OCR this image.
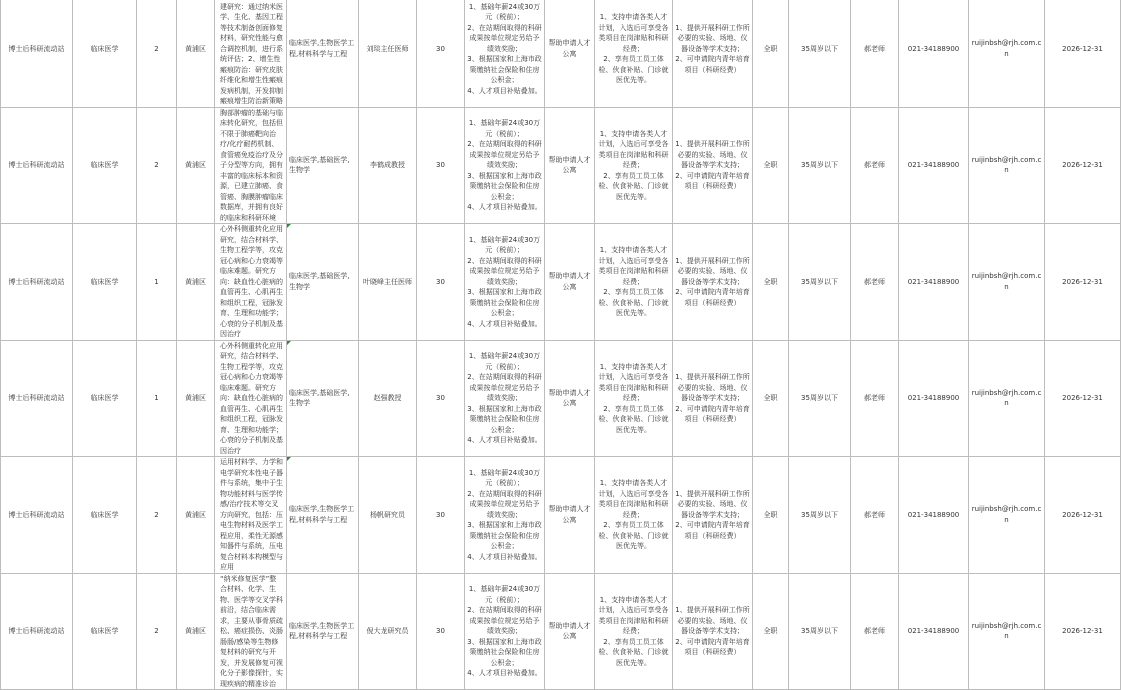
博士后科研流动站	临床医学	2	黄浦区	建研究：通过纳米医学、生化、基因工程等技术制备创面修复材料，研究性能与愈合调控机制，进行系统评估；2、增生性瘢痕防治：研究皮肤纤维化和增生性瘢痕发病机制，开发抑制瘢痕增生防治新策略	临床医学,生物医学工程,材料科学与工程	刘琰主任医师	30	1、基础年薪24或30万元（税前）；
2、在站期间取得的科研成果按单位规定另给予绩效奖励；
3、根据国家和上海市政策缴纳社会保险和住房公积金；
4、人才项目补贴叠加。	帮助申请人才公寓	1、支持申请各类人才计划，入选后可享受各类项目在岗津贴和科研经费；
2、享有员工员工体检、伙食补贴、门诊就医优先等。	1、提供开展科研工作所必要的实验、场地、仪器设备等学术支持；
2、可申请院内青年培育项目（科研经费）	全职	35周岁以下	郝老师	021-34188900	ruijinbsh@rjh.com.cn	2026-12-31
博士后科研流动站	临床医学	2	黄浦区	胸部肿瘤的基础与临床转化研究，包括但不限于肺癌靶向治疗/化疗耐药机制、食管癌免疫治疗及分子分型等方向，拥有丰富的临床标本和资源，已建立肺癌、食管癌、胸膜肿瘤临床数据库，并拥有良好的临床和科研环境	临床医学,基础医学,生物学	李鹤成教授	30	1、基础年薪24或30万元（税前）；
2、在站期间取得的科研成果按单位规定另给予绩效奖励；
3、根据国家和上海市政策缴纳社会保险和住房公积金；
4、人才项目补贴叠加。	帮助申请人才公寓	1、支持申请各类人才计划，入选后可享受各类项目在岗津贴和科研经费；
2、享有员工员工体检、伙食补贴、门诊就医优先等。	1、提供开展科研工作所必要的实验、场地、仪器设备等学术支持；
2、可申请院内青年培育项目（科研经费）	全职	35周岁以下	郝老师	021-34188900	ruijinbsh@rjh.com.cn	2026-12-31
博士后科研流动站	临床医学	1	黄浦区	心外科侧重转化应用研究，结合材料学、生物工程学等，攻克冠心病和心力衰竭等临床难题。研究方向：缺血性心脏病的血管再生、心肌再生和组织工程，冠脉发育、生理和功能学；心衰的分子机制及基因治疗	临床医学,基础医学,生物学	叶晓峰主任医师	30	1、基础年薪24或30万元（税前）；
2、在站期间取得的科研成果按单位规定另给予绩效奖励；
3、根据国家和上海市政策缴纳社会保险和住房公积金；
4、人才项目补贴叠加。	帮助申请人才公寓	1、支持申请各类人才计划，入选后可享受各类项目在岗津贴和科研经费；
2、享有员工员工体检、伙食补贴、门诊就医优先等。	1、提供开展科研工作所必要的实验、场地、仪器设备等学术支持；
2、可申请院内青年培育项目（科研经费）	全职	35周岁以下	郝老师	021-34188900	ruijinbsh@rjh.com.cn	2026-12-31
博士后科研流动站	临床医学	1	黄浦区	心外科侧重转化应用研究，结合材料学、生物工程学等，攻克冠心病和心力衰竭等临床难题。研究方向：缺血性心脏病的血管再生、心肌再生和组织工程，冠脉发育、生理和功能学；心衰的分子机制及基因治疗	临床医学,基础医学,生物学	赵强教授	30	1、基础年薪24或30万元（税前）；
2、在站期间取得的科研成果按单位规定另给予绩效奖励；
3、根据国家和上海市政策缴纳社会保险和住房公积金；
4、人才项目补贴叠加。	帮助申请人才公寓	1、支持申请各类人才计划，入选后可享受各类项目在岗津贴和科研经费；
2、享有员工员工体检、伙食补贴、门诊就医优先等。	1、提供开展科研工作所必要的实验、场地、仪器设备等学术支持；
2、可申请院内青年培育项目（科研经费）	全职	35周岁以下	郝老师	021-34188900	ruijinbsh@rjh.com.cn	2026-12-31
博士后科研流动站	临床医学	2	黄浦区	运用材料学、力学和电学研究本性电子器件与系统，集中于生物功能材料与医学传感/治疗技术等交叉方向研究，包括：压电生物材料及医学工程应用，柔性无源感知器件与系统，压电复合材料本构模型与应用	临床医学,生物医学工程,材料科学与工程	杨帆研究员	30	1、基础年薪24或30万元（税前）；
2、在站期间取得的科研成果按单位规定另给予绩效奖励；
3、根据国家和上海市政策缴纳社会保险和住房公积金；
4、人才项目补贴叠加。	帮助申请人才公寓	1、支持申请各类人才计划，入选后可享受各类项目在岗津贴和科研经费；
2、享有员工员工体检、伙食补贴、门诊就医优先等。	1、提供开展科研工作所必要的实验、场地、仪器设备等学术支持；
2、可申请院内青年培育项目（科研经费）	全职	35周岁以下	郝老师	021-34188900	ruijinbsh@rjh.com.cn	2026-12-31
博士后科研流动站	临床医学	2	黄浦区	“纳米修复医学”整合材料、化学、生物、医学等交叉学科前沿，结合临床需求，主要从事骨质疏松、癌症损伤、炎肠肠肠/感染等生物修复材料的研究与开发，并发展修复可视化分子影像探针，实现疾病的精准诊治	临床医学,生物医学工程,材料科学与工程	倪大龙研究员	30	1、基础年薪24或30万元（税前）；
2、在站期间取得的科研成果按单位规定另给予绩效奖励；
3、根据国家和上海市政策缴纳社会保险和住房公积金；
4、人才项目补贴叠加。	帮助申请人才公寓	1、支持申请各类人才计划，入选后可享受各类项目在岗津贴和科研经费；
2、享有员工员工体检、伙食补贴、门诊就医优先等。	1、提供开展科研工作所必要的实验、场地、仪器设备等学术支持；
2、可申请院内青年培育项目（科研经费）	全职	35周岁以下	郝老师	021-34188900	ruijinbsh@rjh.com.cn	2026-12-31
